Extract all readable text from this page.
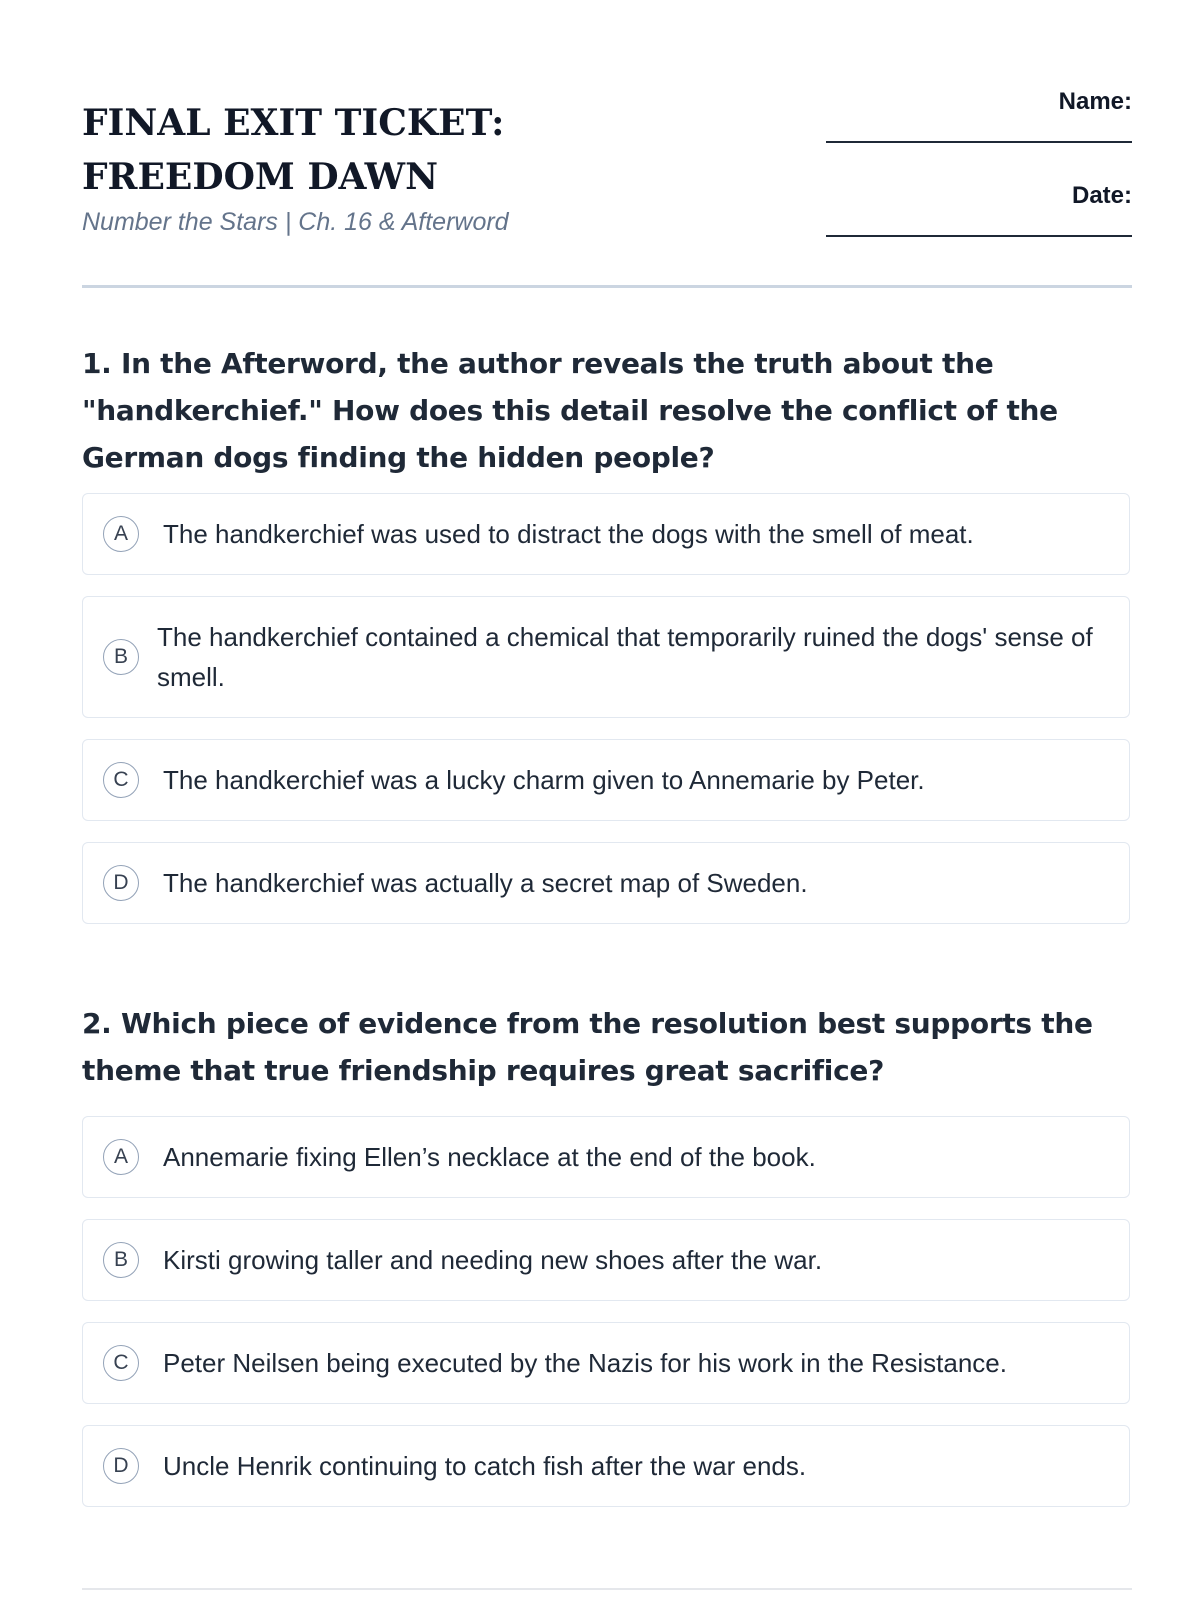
FINAL EXIT TICKET: FREEDOM DAWN

Number the Stars | Ch. 16 & Afterword

Name:
Date:

1. In the Afterword, the author reveals the truth about the "handkerchief." How does this detail resolve the conflict of the German dogs finding the hidden people?

A	The handkerchief was used to distract the dogs with the smell of meat.
B
The handkerchief contained a chemical that temporarily ruined the dogs' sense of smell.
C	The handkerchief was a lucky charm given to Annemarie by Peter.
D	The handkerchief was actually a secret map of Sweden.

2. Which piece of evidence from the resolution best supports the theme that true friendship requires great sacrifice?

A	Annemarie fixing Ellen’s necklace at the end of the book.
B	Kirsti growing taller and needing new shoes after the war.
C	Peter Neilsen being executed by the Nazis for his work in the Resistance.
D	Uncle Henrik continuing to catch fish after the war ends.
